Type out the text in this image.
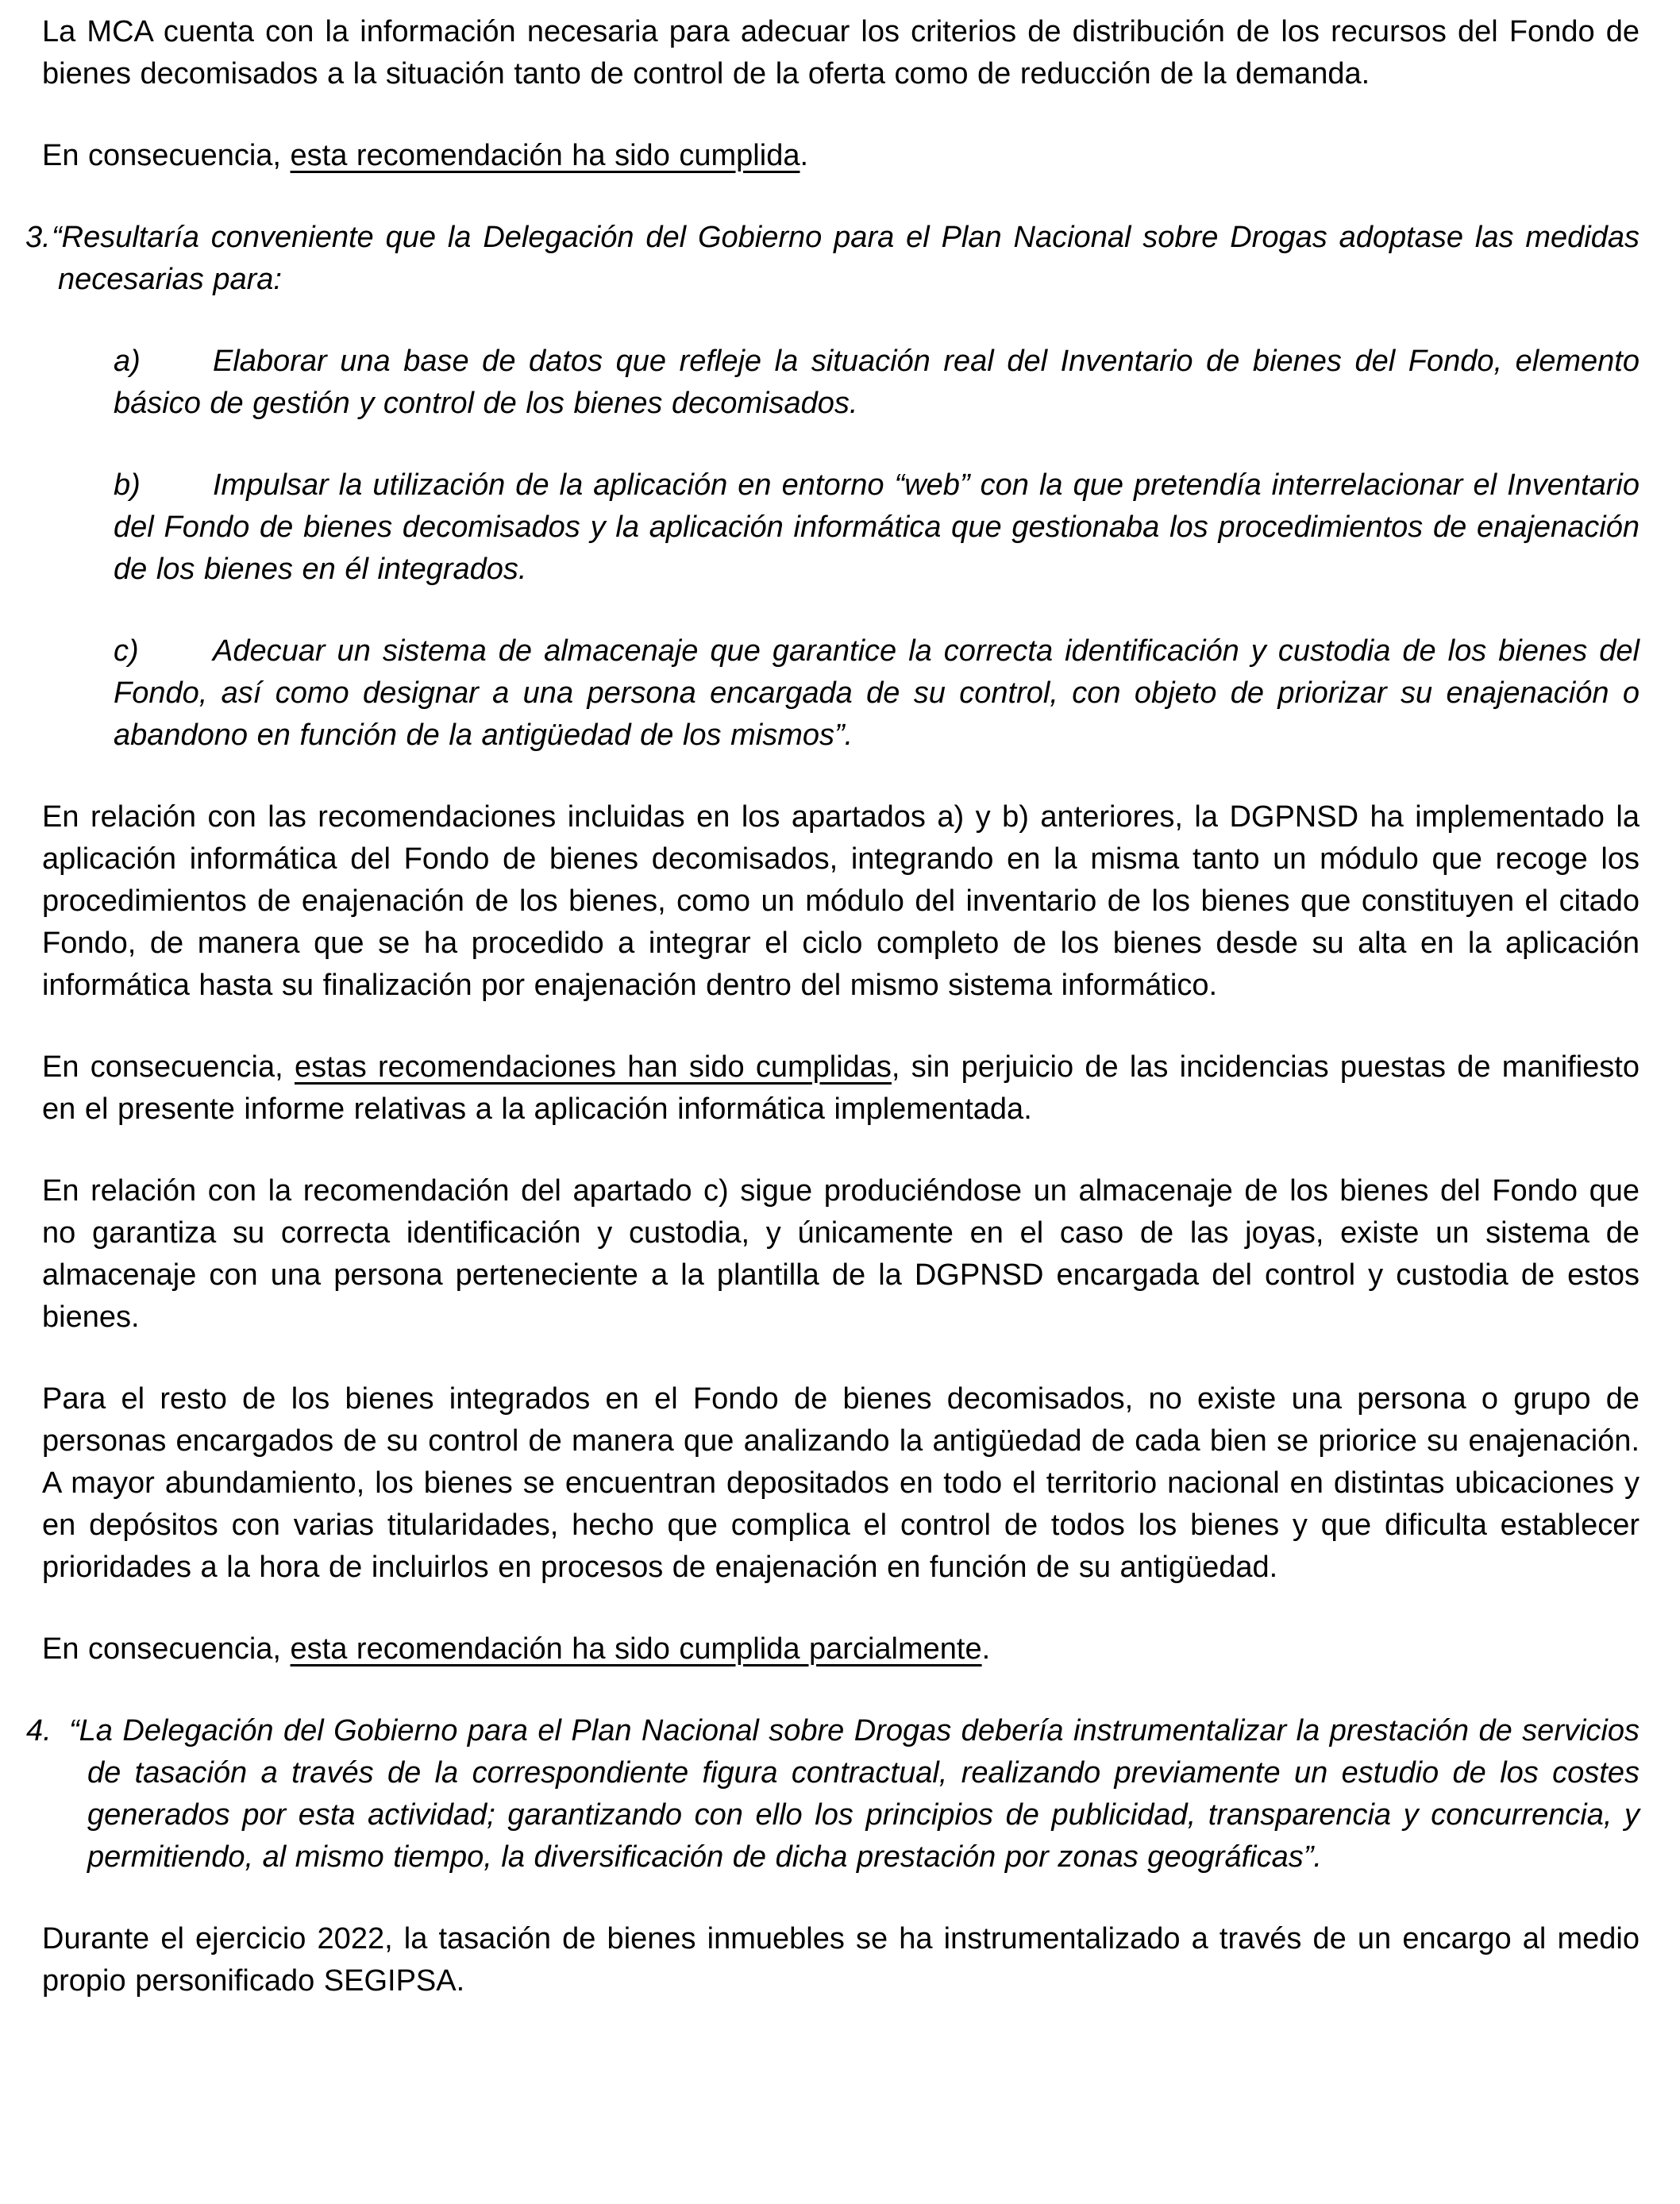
La MCA cuenta con la información necesaria para adecuar los criterios de distribución de los recursos del Fondo de bienes decomisados a la situación tanto de control de la oferta como de reducción de la demanda.

En consecuencia, esta recomendación ha sido cumplida.

3.“Resultaría conveniente que la Delegación del Gobierno para el Plan Nacional sobre Drogas adoptase las medidas necesarias para:

a) Elaborar una base de datos que refleje la situación real del Inventario de bienes del Fondo, elemento básico de gestión y control de los bienes decomisados.

b) Impulsar la utilización de la aplicación en entorno “web” con la que pretendía interrelacionar el Inventario del Fondo de bienes decomisados y la aplicación informática que gestionaba los procedimientos de enajenación de los bienes en él integrados.

c) Adecuar un sistema de almacenaje que garantice la correcta identificación y custodia de los bienes del Fondo, así como designar a una persona encargada de su control, con objeto de priorizar su enajenación o abandono en función de la antigüedad de los mismos”.

En relación con las recomendaciones incluidas en los apartados a) y b) anteriores, la DGPNSD ha implementado la aplicación informática del Fondo de bienes decomisados, integrando en la misma tanto un módulo que recoge los procedimientos de enajenación de los bienes, como un módulo del inventario de los bienes que constituyen el citado Fondo, de manera que se ha procedido a integrar el ciclo completo de los bienes desde su alta en la aplicación informática hasta su finalización por enajenación dentro del mismo sistema informático.

En consecuencia, estas recomendaciones han sido cumplidas, sin perjuicio de las incidencias puestas de manifiesto en el presente informe relativas a la aplicación informática implementada.

En relación con la recomendación del apartado c) sigue produciéndose un almacenaje de los bienes del Fondo que no garantiza su correcta identificación y custodia, y únicamente en el caso de las joyas, existe un sistema de almacenaje con una persona perteneciente a la plantilla de la DGPNSD encargada del control y custodia de estos bienes.

Para el resto de los bienes integrados en el Fondo de bienes decomisados, no existe una persona o grupo de personas encargados de su control de manera que analizando la antigüedad de cada bien se priorice su enajenación. A mayor abundamiento, los bienes se encuentran depositados en todo el territorio nacional en distintas ubicaciones y en depósitos con varias titularidades, hecho que complica el control de todos los bienes y que dificulta establecer prioridades a la hora de incluirlos en procesos de enajenación en función de su antigüedad.

En consecuencia, esta recomendación ha sido cumplida parcialmente.

4. “La Delegación del Gobierno para el Plan Nacional sobre Drogas debería instrumentalizar la prestación de servicios de tasación a través de la correspondiente figura contractual, realizando previamente un estudio de los costes generados por esta actividad; garantizando con ello los principios de publicidad, transparencia y concurrencia, y permitiendo, al mismo tiempo, la diversificación de dicha prestación por zonas geográficas”.

Durante el ejercicio 2022, la tasación de bienes inmuebles se ha instrumentalizado a través de un encargo al medio propio personificado SEGIPSA.
